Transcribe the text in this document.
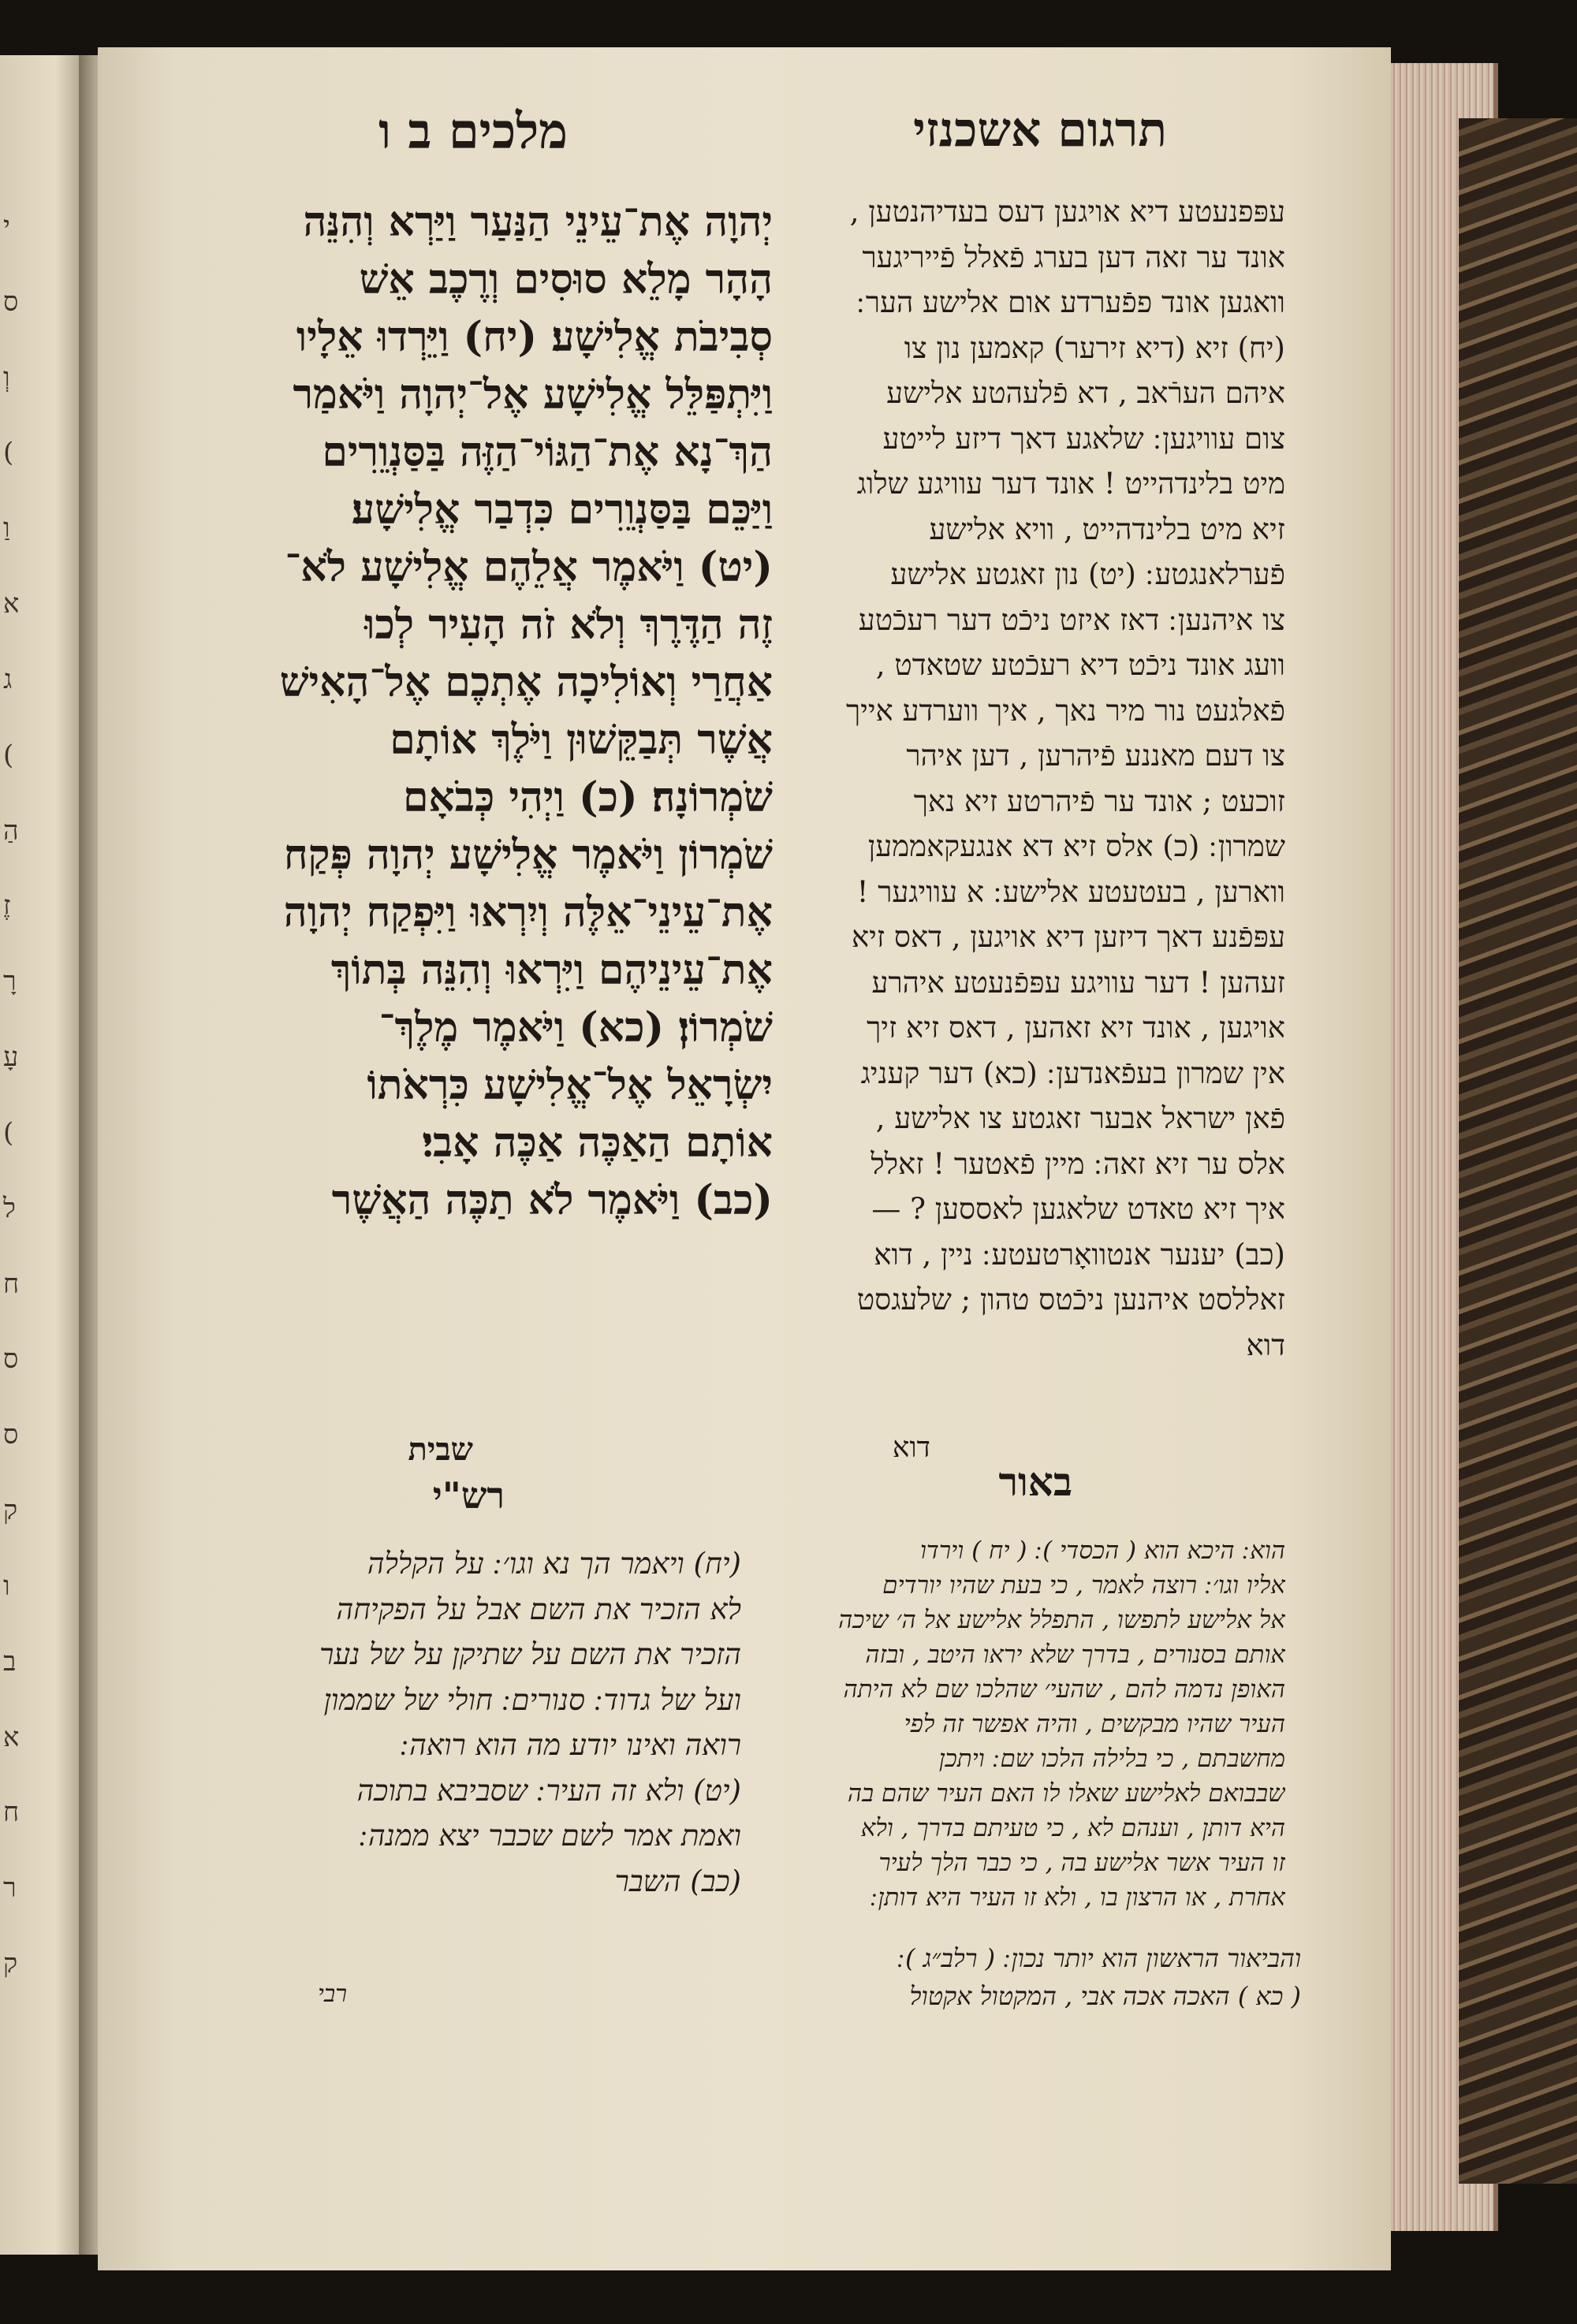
י
ס
וְ
(
וַ
א
ג
(
הַ
זֶ
רָ
עָ
(
ל
ח
ס
ס
ק
ו
ב
א
ח
ר
ק
תרגום אשכנזי
מלכים ב ו
יְהוָה אֶת־עֵינֵי הַנַּעַר וַיַּרְא וְהִנֵּה
הָהָר מָלֵא סוּסִים וְרֶכֶב אֵשׁ
סְבִיבֹת אֱלִישָׁע׃ (יח) וַיֵּרְדוּ אֵלָיו
וַיִּתְפַּלֵּל אֱלִישָׁע אֶל־יְהוָה וַיֹּאמַר
הַךְ־נָא אֶת־הַגּוֹי־הַזֶּה בַּסַּנְוֵרִים
וַיַּכֵּם בַּסַּנְוֵרִים כִּדְבַר אֱלִישָׁע׃
(יט) וַיֹּאמֶר אֲלֵהֶם אֱלִישָׁע לֹא־
זֶה הַדֶּרֶךְ וְלֹא זֹה הָעִיר לְכוּ
אַחֲרַי וְאוֹלִיכָה אֶתְכֶם אֶל־הָאִישׁ
אֲשֶׁר תְּבַקֵּשׁוּן וַיֹּלֶךְ אוֹתָם
שֹׁמְרוֹנָה׃ (כ) וַיְהִי כְּבֹאָם
שֹׁמְרוֹן וַיֹּאמֶר אֱלִישָׁע יְהוָה פְּקַח
אֶת־עֵינֵי־אֵלֶּה וְיִרְאוּ וַיִּפְקַח יְהוָה
אֶת־עֵינֵיהֶם וַיִּרְאוּ וְהִנֵּה בְּתוֹךְ
שֹׁמְרוֹן׃ (כא) וַיֹּאמֶר מֶלֶךְ־
יִשְׂרָאֵל אֶל־אֱלִישָׁע כִּרְאֹתוֹ
אוֹתָם הַאַכֶּה אַכֶּה אָבִי׃
(כב) וַיֹּאמֶר לֹא תַכֶּה הַאֲשֶׁר
עפּפנעטע דיא אויגען דעס בעדיהנטען ,
אונד ער זאה דען בערג פֿאלל פֿייריגער
וואגען אונד פפֿערדע אום אלישע הער ׃
(יח) זיא (דיא זירער) קאמען נון צו
איהם הערֿאב , דא פֿלעהטע אלישע
צום עוויגען ׃ שלאגע דאך דיזע לייטע
מיט בלינדהייט ! אונד דער עוויגע שלוג
זיא מיט בלינדהייט , וויא אלישע
פֿערלאנגטע ׃ (יט) נון זאגטע אלישע
צו איהנען ׃ דאז איזט ניכֿט דער רעכֿטע
וועג אונד ניכֿט דיא רעכֿטע שטאדט ,
פֿאלגעט נור מיר נאך , איך ווערדע אייך
צו דעם מאננע פֿיהרען , דען איהר
זוכעט ; אונד ער פֿיהרטע זיא נאך
שמרון ׃ (כ) אלס זיא דא אנגעקאממען
ווארען , בעטעטע אלישע ׃ א עוויגער !
עפּפֿנע דאך דיזען דיא אויגען , דאס זיא
זעהען ! דער עוויגע עפּפֿנעטע איהרע
אויגען , אונד זיא זאהען , דאס זיא זיך
אין שמרון בעפֿאנדען ׃ (כא) דער קעניג
פֿאן ישראל אבער זאגטע צו אלישע ,
אלס ער זיא זאה ׃ מיין פֿאטער ! זאלל
איך זיא טאדט שלאגען לאססען ? —
(כב) יענער אנטוואָרטעטע ׃ ניין , דוא
זאללסט איהנען ניכֿטס טהון ; שלעגסט
דוא
שבית
רש"י
(יח) ויאמר הך נא וגו׳ ׃ על הקללה
לא הזכיר את השם אבל על הפקיחה
הזכיר את השם על שתיקן על של נער
ועל של גדוד ׃ סנורים ׃ חולי של שממון
רואה ואינו יודע מה הוא רואה ׃
(יט) ולא זה העיר ׃ שסביבא בתוכה
ואמת אמר לשם שכבר יצא ממנה ׃
(כב) השבר
דוא
באור
הוא ׃ היכא הוא ( הכסדי ) ׃ ( יח ) וירדו
אליו וגו׳ ׃ רוצה לאמר , כי בעת שהיו יורדים
אל אלישע לתפשו , התפלל אלישע אל ה׳ שיכה
אותם בסנורים , בדרך שלא יראו היטב , ובזה
האופן נדמה להם , שהעי׳ שהלכו שם לא היתה
העיר שהיו מבקשים , והיה אפשר זה לפי
מחשבתם , כי בלילה הלכו שם ׃ ויתכן
שבבואם לאלישע שאלו לו האם העיר שהם בה
היא דותן , וענהם לא , כי טעיתם בדרך , ולא
זו העיר אשר אלישע בה , כי כבר הלך לעיר
אחרת , או הרצון בו , ולא זו העיר היא דותן ׃
והביאור הראשון הוא יותר נכון ׃ ( רלב״ג ) ׃
( כא ) האכה אכה אבי , המקטול אקטול
רבי
